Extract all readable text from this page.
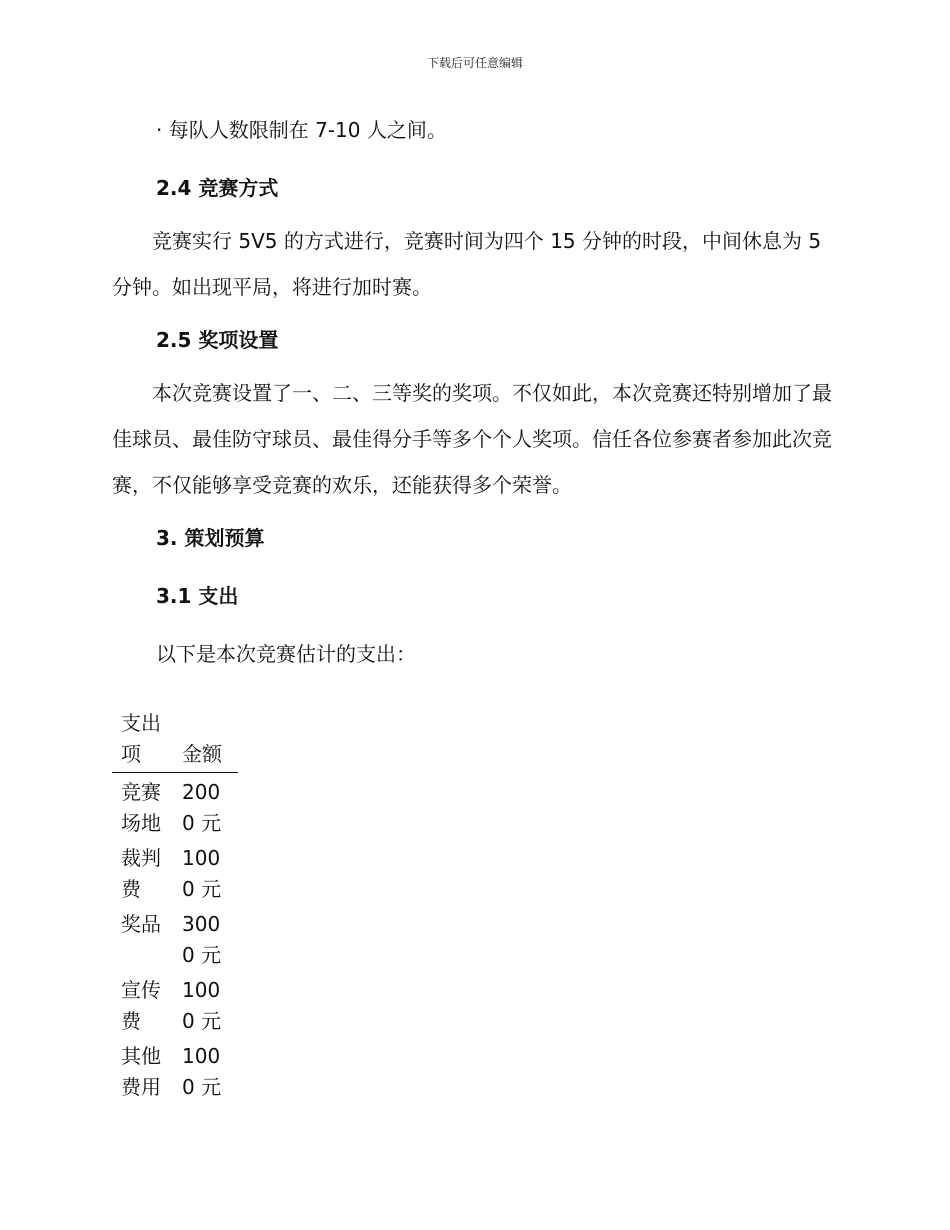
下载后可任意编辑

· 每队人数限制在 7-10 人之间。

2.4 竞赛方式

竞赛实行 5V5 的方式进行，竞赛时间为四个 15 分钟的时段，中间休息为 5 分钟。如出现平局，将进行加时赛。

2.5 奖项设置

本次竞赛设置了一、二、三等奖的奖项。不仅如此，本次竞赛还特别增加了最佳球员、最佳防守球员、最佳得分手等多个个人奖项。信任各位参赛者参加此次竞赛，不仅能够享受竞赛的欢乐，还能获得多个荣誉。

3. 策划预算
3.1 支出

以下是本次竞赛估计的支出：

支出项	金额

竞赛场地	2000 元

裁判费	1000 元

奖品	3000 元

宣传费	1000 元

其他费用	1000 元
